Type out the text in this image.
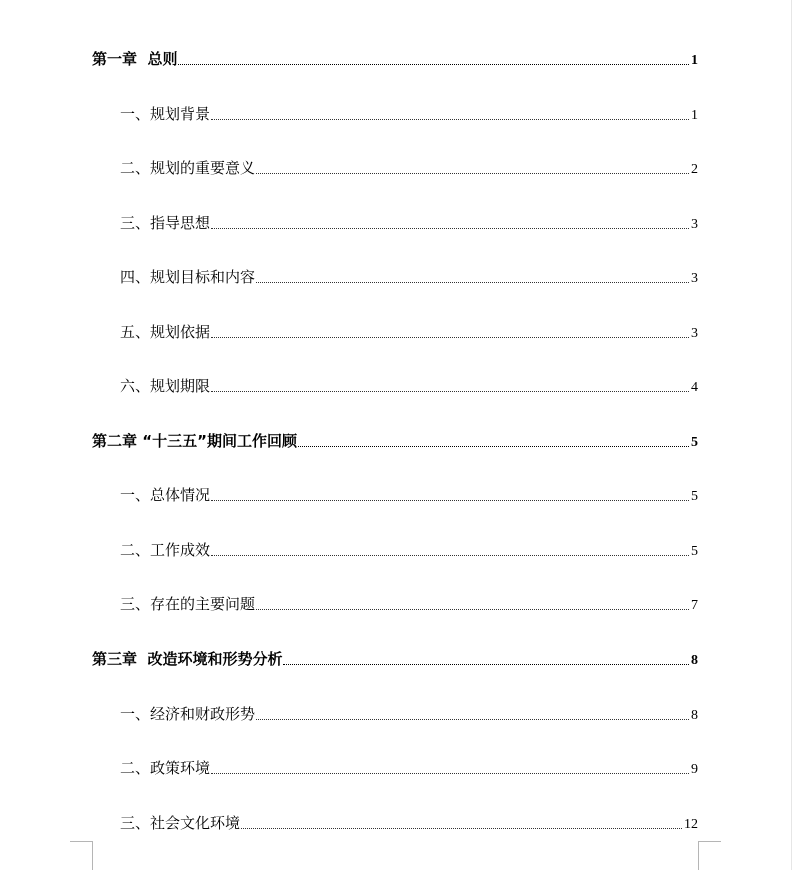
第一章  总则	1
一、规划背景	1
二、规划的重要意义	2
三、指导思想	3
四、规划目标和内容	3
五、规划依据	3
六、规划期限	4
第二章 “十三五”期间工作回顾	5
一、总体情况	5
二、工作成效	5
三、存在的主要问题	7
第三章  改造环境和形势分析	8
一、经济和财政形势	8
二、政策环境	9
三、社会文化环境	12
